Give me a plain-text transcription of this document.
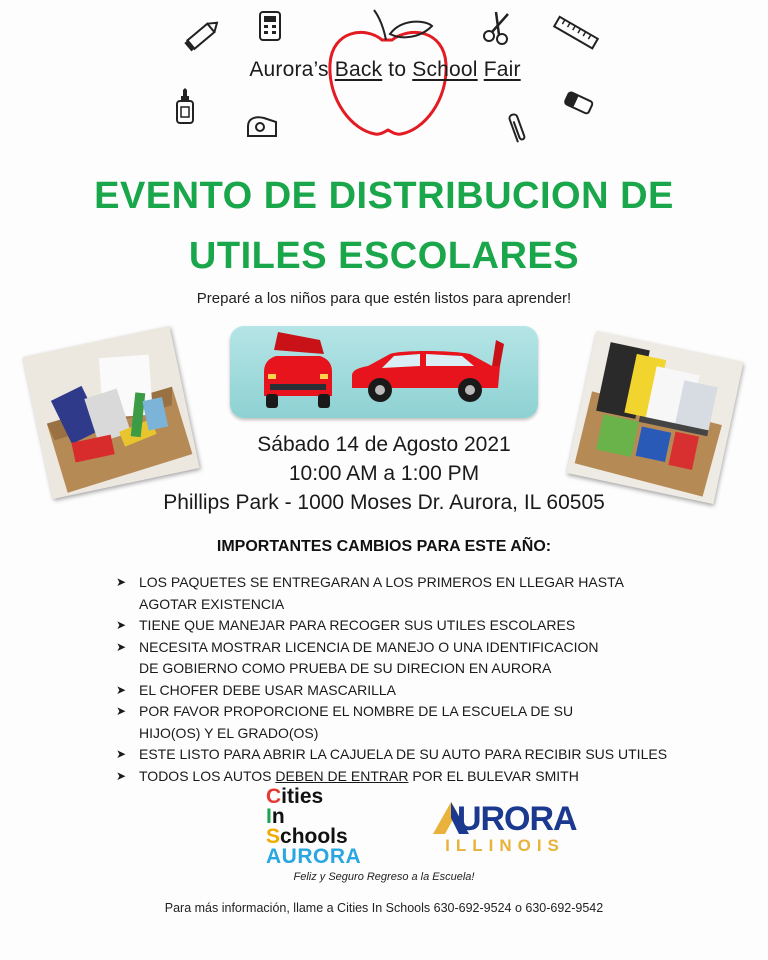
Aurora’s Back to School Fair
EVENTO DE DISTRIBUCION DE
UTILES ESCOLARES
Preparé a los niños para que estén listos para aprender!
Sábado 14 de Agosto 2021
10:00 AM a 1:00 PM
Phillips Park - 1000 Moses Dr. Aurora, IL 60505
IMPORTANTES CAMBIOS PARA ESTE AÑO:
➤ LOS PAQUETES SE ENTREGARAN A LOS PRIMEROS EN LLEGAR HASTA
AGOTAR EXISTENCIA
➤ TIENE QUE MANEJAR PARA RECOGER SUS UTILES ESCOLARES
➤ NECESITA MOSTRAR LICENCIA DE MANEJO O UNA IDENTIFICACION
DE GOBIERNO COMO PRUEBA DE SU DIRECION EN AURORA
➤ EL CHOFER DEBE USAR MASCARILLA
➤ POR FAVOR PROPORCIONE EL NOMBRE DE LA ESCUELA DE SU
HIJO(OS) Y EL GRADO(OS)
➤ ESTE LISTO PARA ABRIR LA CAJUELA DE SU AUTO PARA RECIBIR SUS UTILES
➤ TODOS LOS AUTOS DEBEN DE ENTRAR POR EL BULEVAR SMITH
Cities
In
Schools
AURORA
URORA
ILLINOIS
Feliz y Seguro Regreso a la Escuela!
Para más información, llame a Cities In Schools 630-692-9524 o 630-692-9542
